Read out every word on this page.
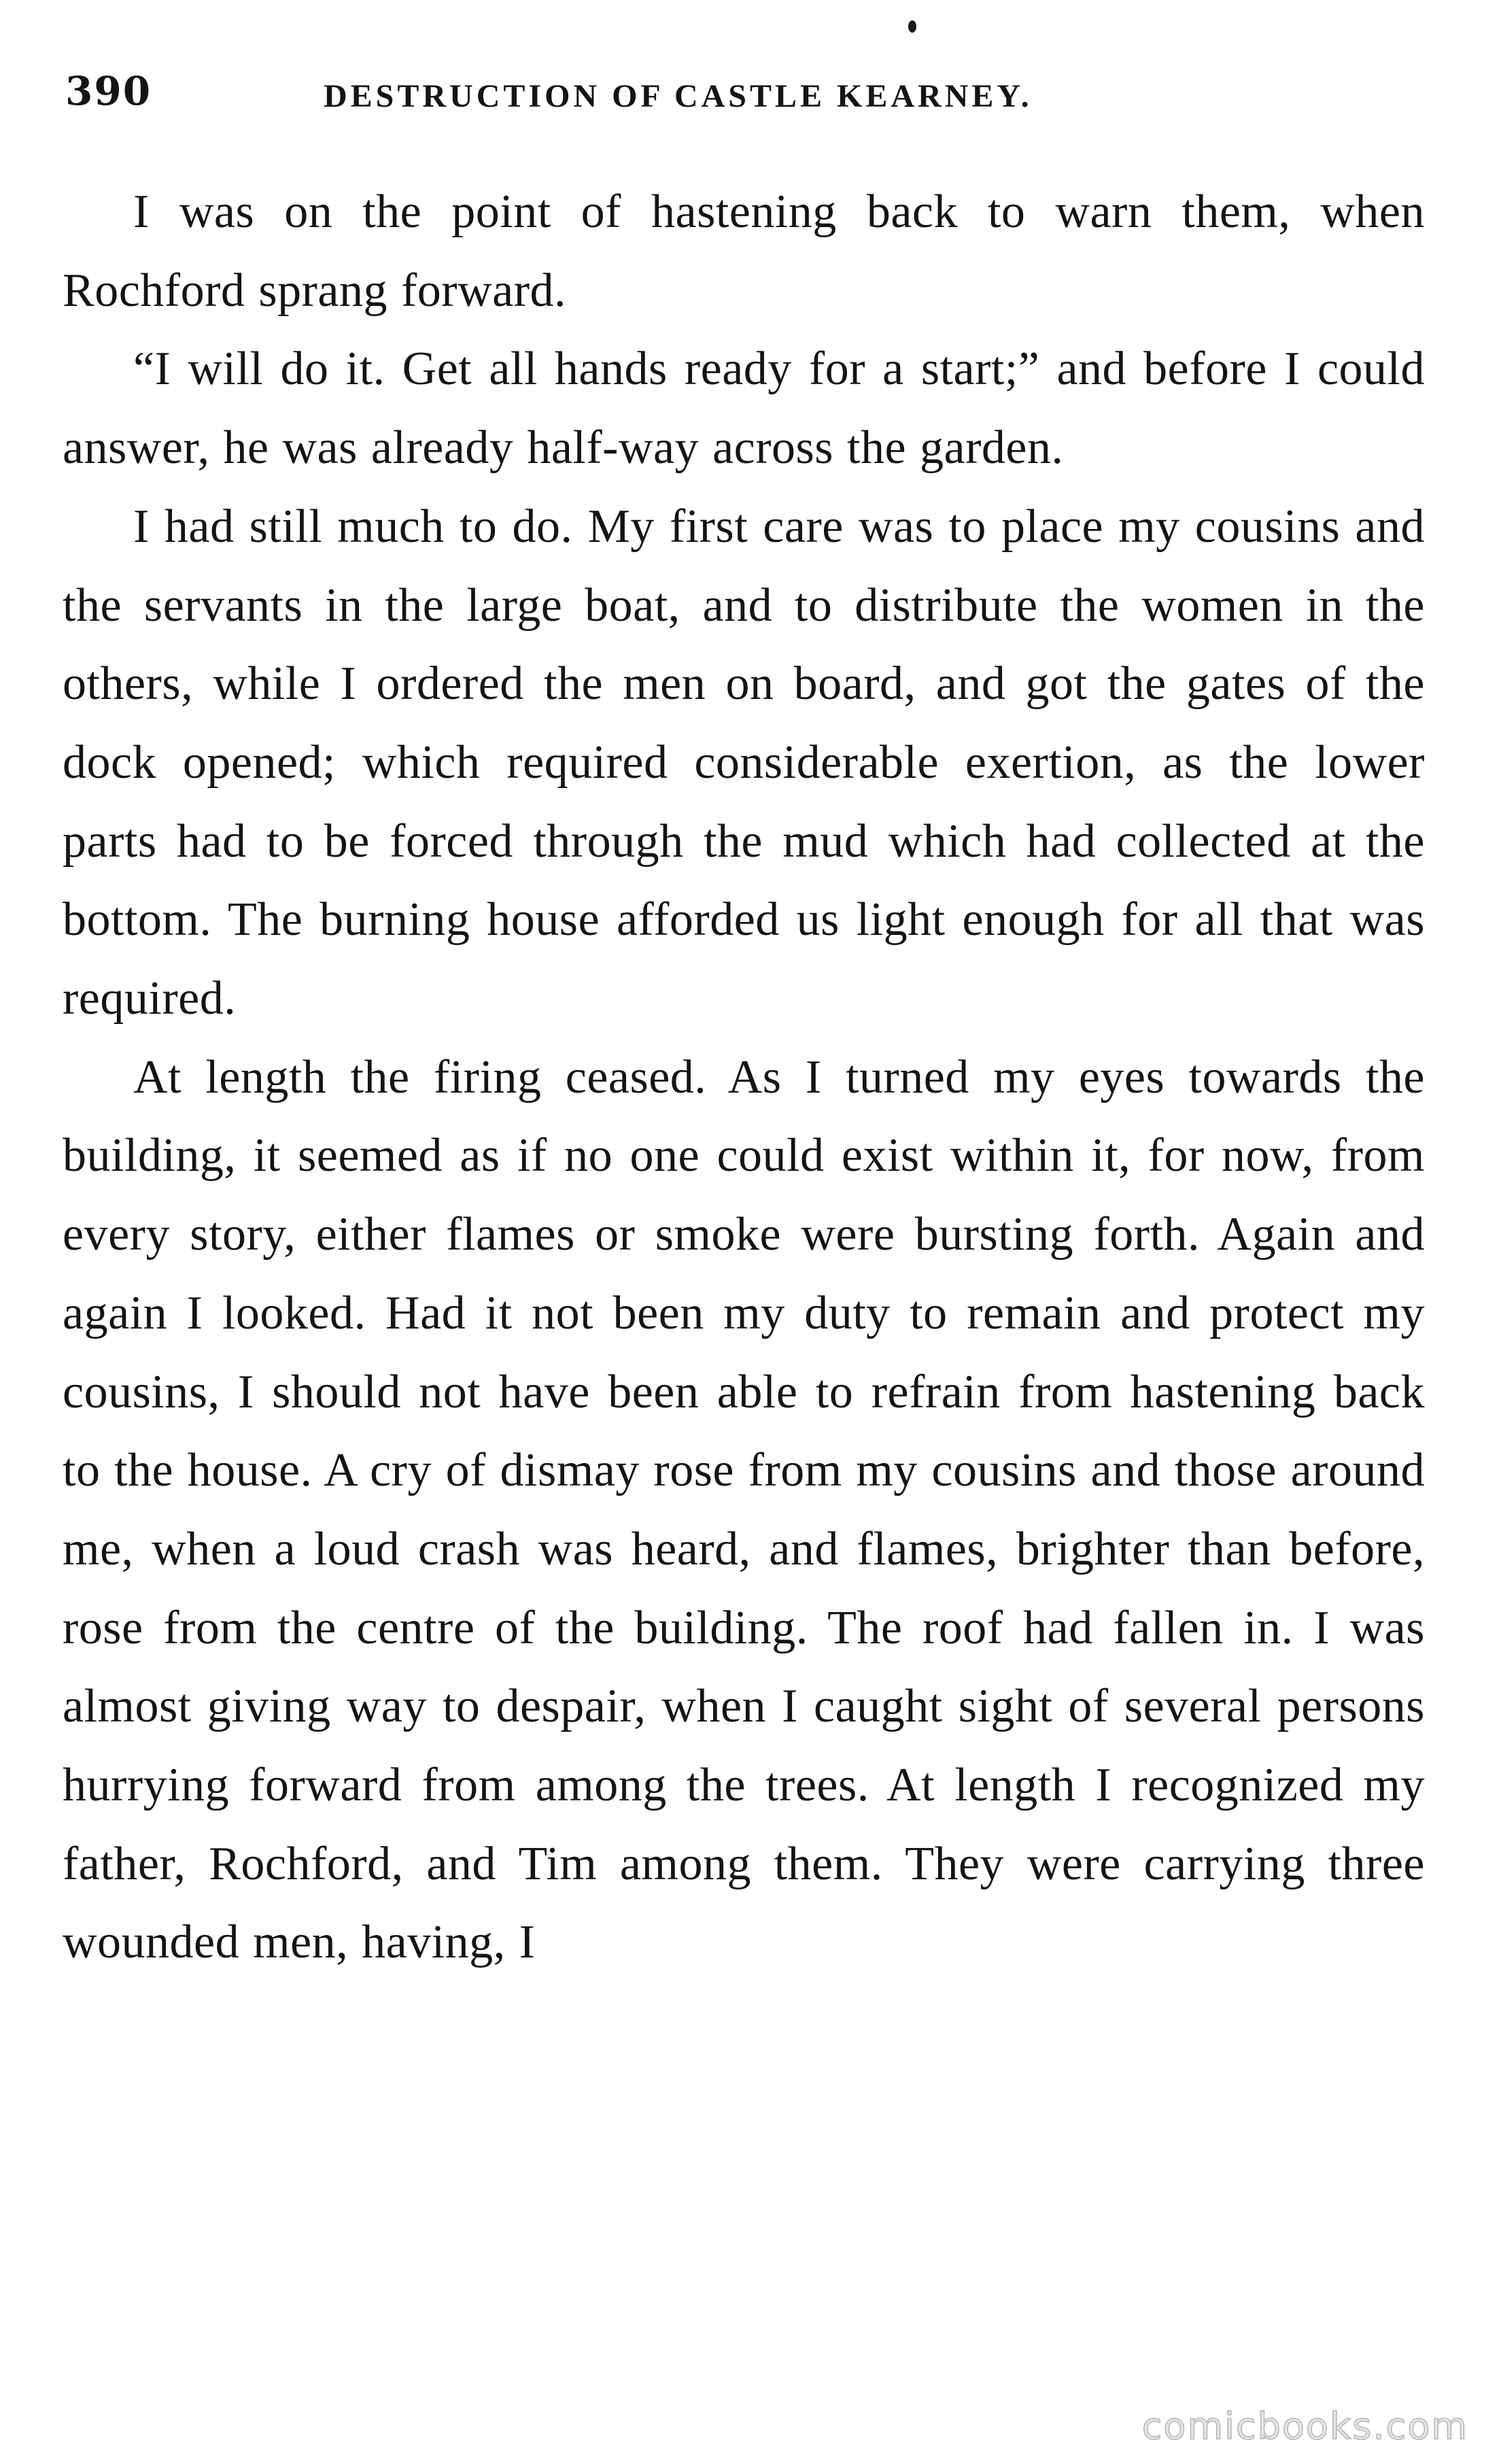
390	DESTRUCTION OF CASTLE KEARNEY.

I was on the point of hastening back to warn them, when Rochford sprang forward.

“I will do it. Get all hands ready for a start;” and before I could answer, he was already half-way across the garden.

I had still much to do. My first care was to place my cousins and the servants in the large boat, and to distribute the women in the others, while I ordered the men on board, and got the gates of the dock opened; which required considerable exertion, as the lower parts had to be forced through the mud which had collected at the bottom. The burning house afforded us light enough for all that was required.

At length the firing ceased. As I turned my eyes towards the building, it seemed as if no one could exist within it, for now, from every story, either flames or smoke were bursting forth. Again and again I looked. Had it not been my duty to remain and protect my cousins, I should not have been able to refrain from hastening back to the house. A cry of dismay rose from my cousins and those around me, when a loud crash was heard, and flames, brighter than before, rose from the centre of the building. The roof had fallen in. I was almost giving way to despair, when I caught sight of several persons hurrying forward from among the trees. At length I recognized my father, Rochford, and Tim among them. They were carrying three wounded men, having, I

comicbooks.com
